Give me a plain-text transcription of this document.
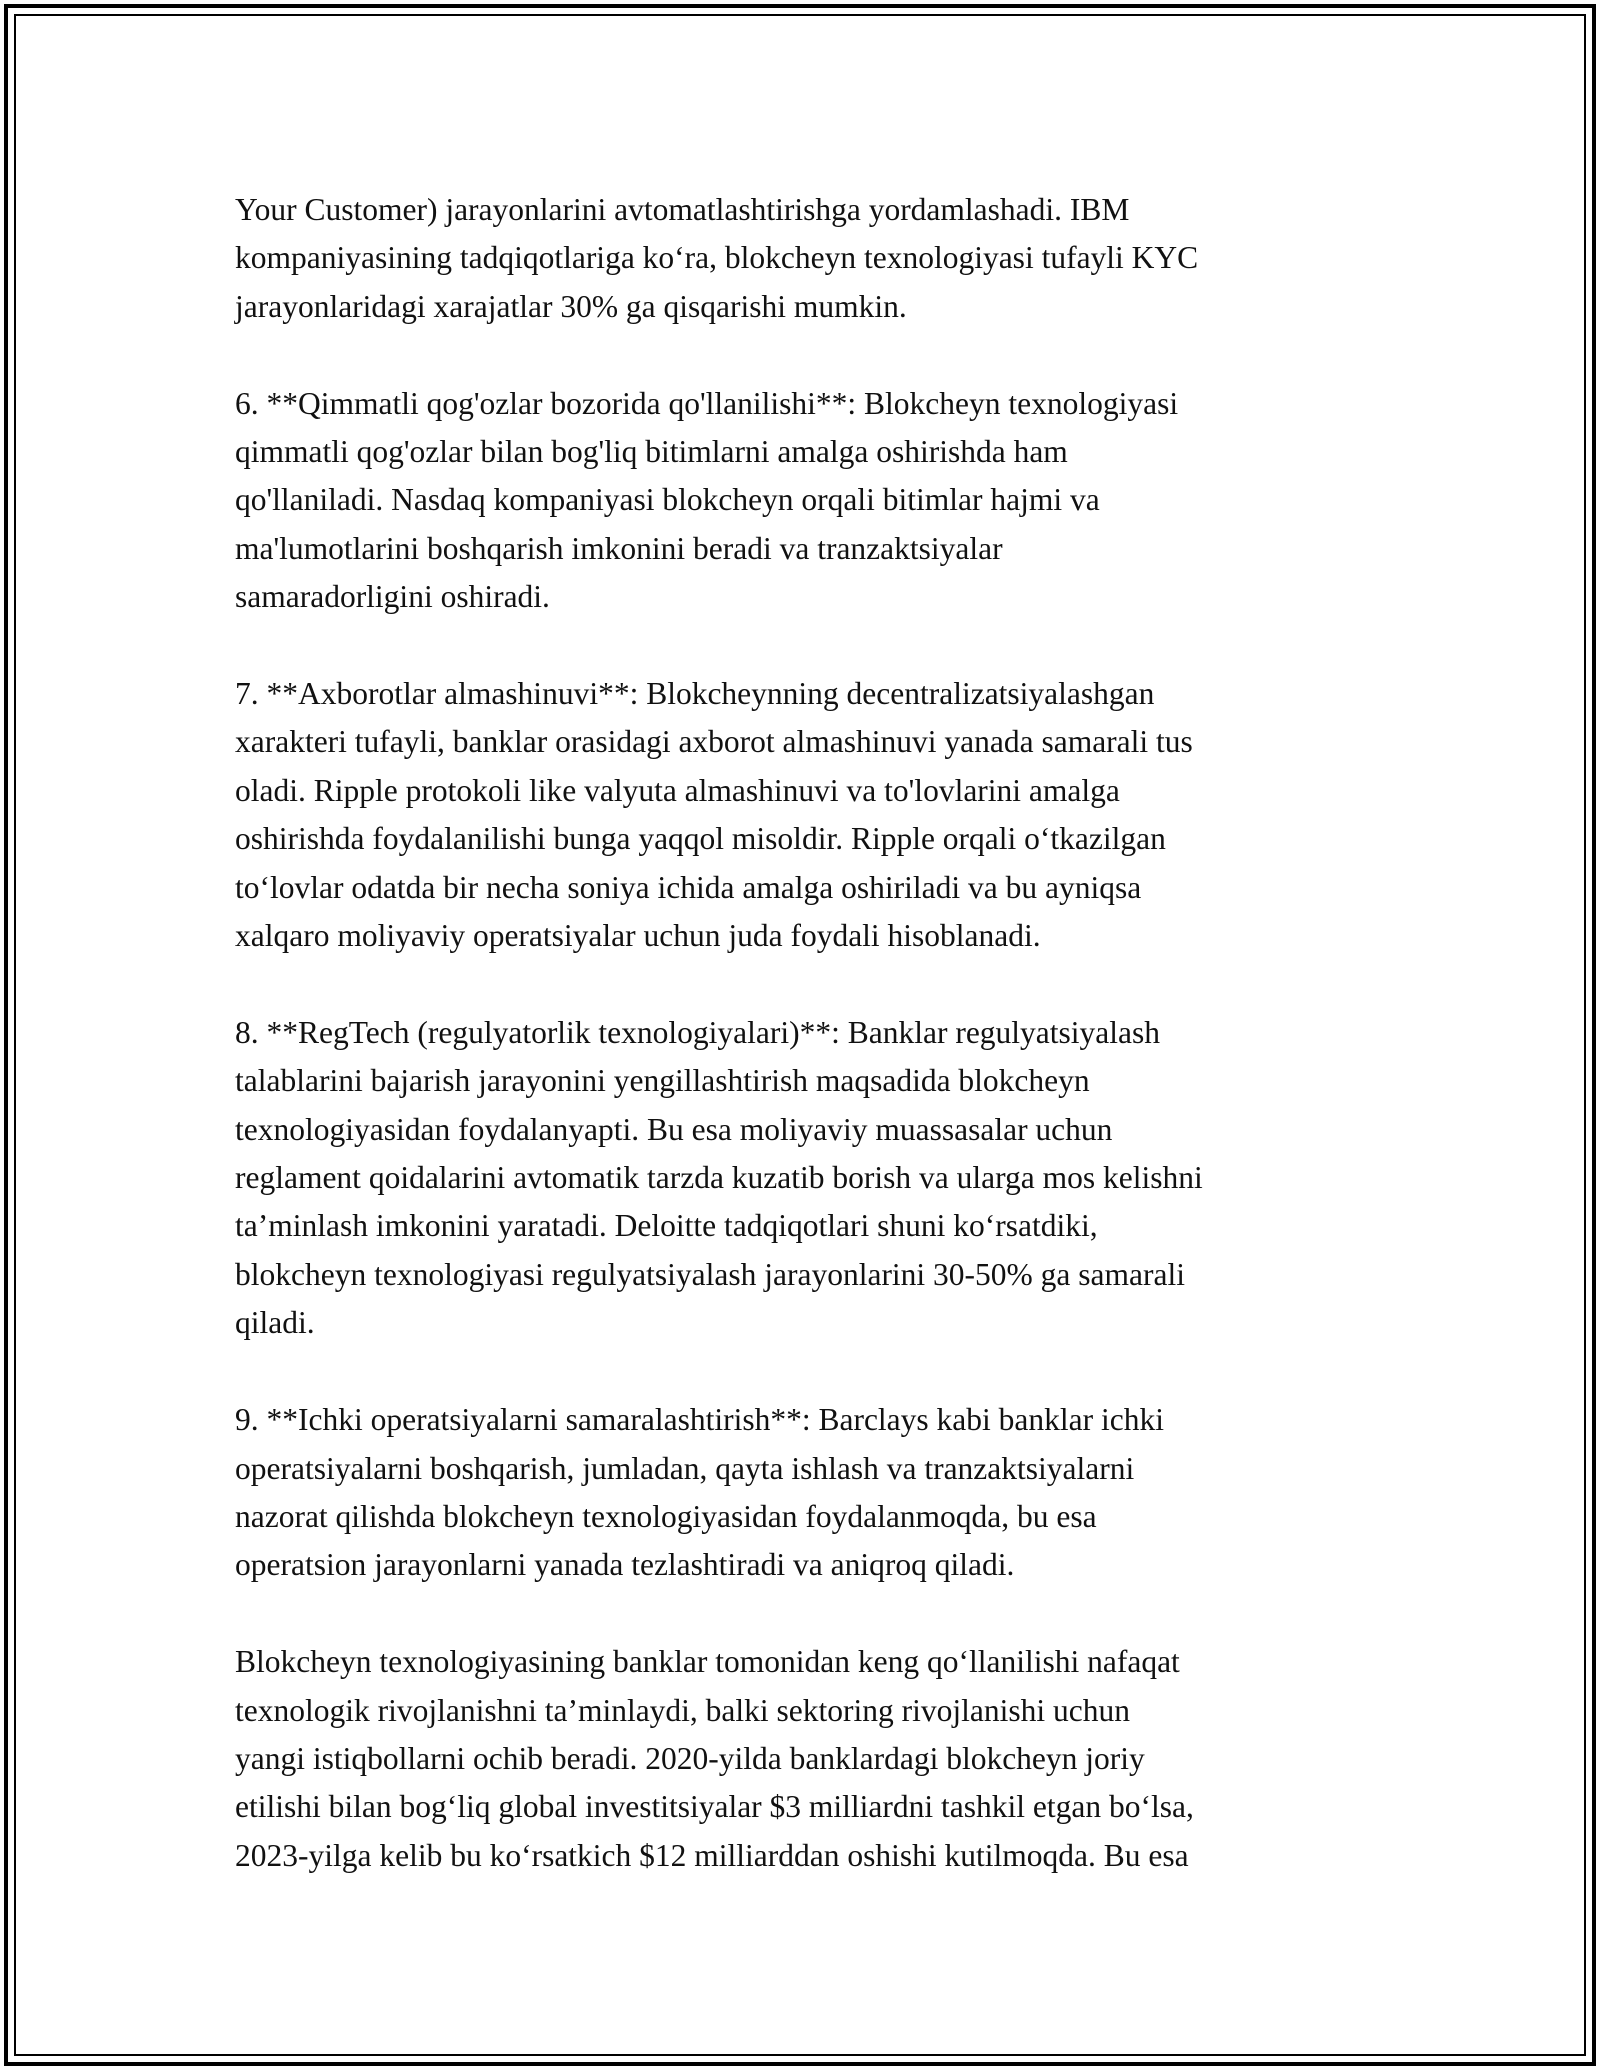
Your Customer) jarayonlarini avtomatlashtirishga yordamlashadi. IBM
kompaniyasining tadqiqotlariga ko‘ra, blokcheyn texnologiyasi tufayli KYC
jarayonlaridagi xarajatlar 30% ga qisqarishi mumkin.

6. **Qimmatli qog'ozlar bozorida qo'llanilishi**: Blokcheyn texnologiyasi
qimmatli qog'ozlar bilan bog'liq bitimlarni amalga oshirishda ham
qo'llaniladi. Nasdaq kompaniyasi blokcheyn orqali bitimlar hajmi va
ma'lumotlarini boshqarish imkonini beradi va tranzaktsiyalar
samaradorligini oshiradi.

7. **Axborotlar almashinuvi**: Blokcheynning decentralizatsiyalashgan
xarakteri tufayli, banklar orasidagi axborot almashinuvi yanada samarali tus
oladi. Ripple protokoli like valyuta almashinuvi va to'lovlarini amalga
oshirishda foydalanilishi bunga yaqqol misoldir. Ripple orqali o‘tkazilgan
to‘lovlar odatda bir necha soniya ichida amalga oshiriladi va bu ayniqsa
xalqaro moliyaviy operatsiyalar uchun juda foydali hisoblanadi.

8. **RegTech (regulyatorlik texnologiyalari)**: Banklar regulyatsiyalash
talablarini bajarish jarayonini yengillashtirish maqsadida blokcheyn
texnologiyasidan foydalanyapti. Bu esa moliyaviy muassasalar uchun
reglament qoidalarini avtomatik tarzda kuzatib borish va ularga mos kelishni
ta’minlash imkonini yaratadi. Deloitte tadqiqotlari shuni ko‘rsatdiki,
blokcheyn texnologiyasi regulyatsiyalash jarayonlarini 30-50% ga samarali
qiladi.

9. **Ichki operatsiyalarni samaralashtirish**: Barclays kabi banklar ichki
operatsiyalarni boshqarish, jumladan, qayta ishlash va tranzaktsiyalarni
nazorat qilishda blokcheyn texnologiyasidan foydalanmoqda, bu esa
operatsion jarayonlarni yanada tezlashtiradi va aniqroq qiladi.

Blokcheyn texnologiyasining banklar tomonidan keng qo‘llanilishi nafaqat
texnologik rivojlanishni ta’minlaydi, balki sektoring rivojlanishi uchun
yangi istiqbollarni ochib beradi. 2020-yilda banklardagi blokcheyn joriy
etilishi bilan bog‘liq global investitsiyalar $3 milliardni tashkil etgan bo‘lsa,
2023-yilga kelib bu ko‘rsatkich $12 milliarddan oshishi kutilmoqda. Bu esa
